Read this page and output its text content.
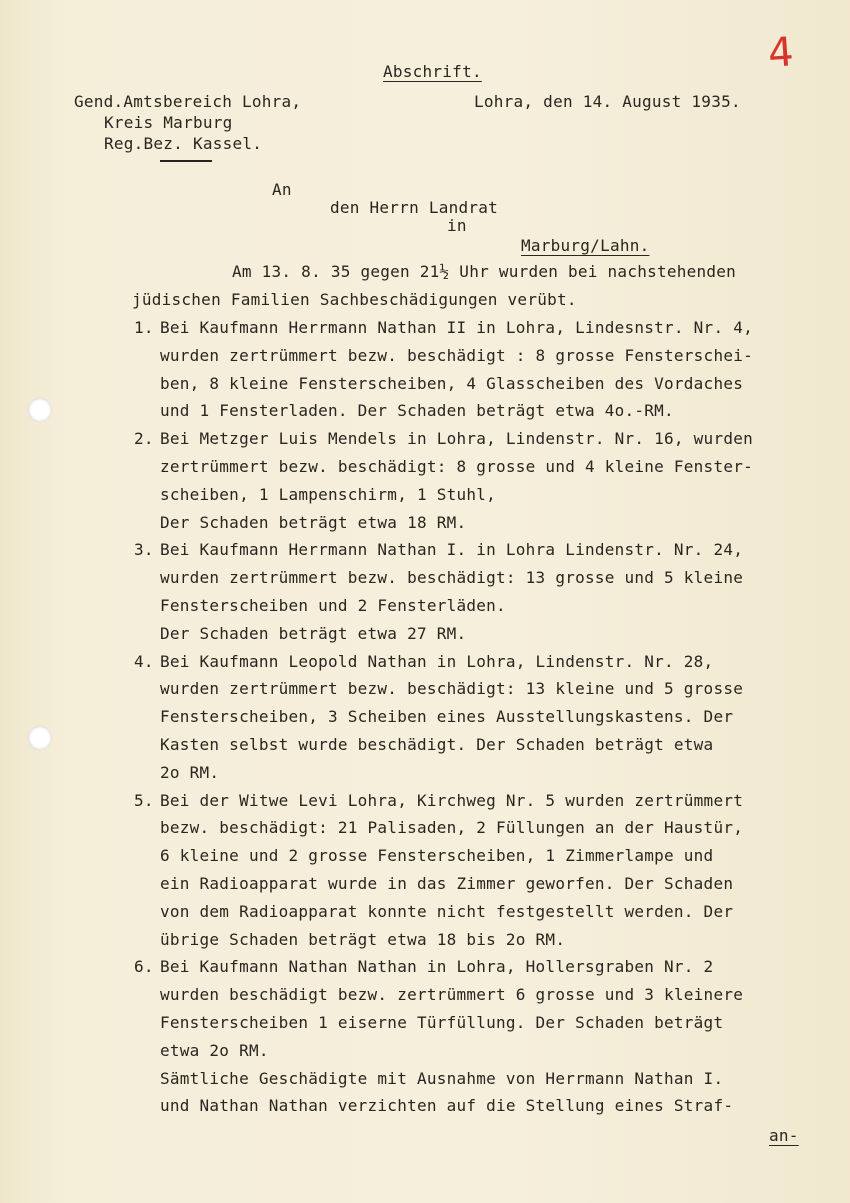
4
Abschrift.
Gend.Amtsbereich Lohra,
Kreis Marburg
Reg.Bez. Kassel.
Lohra, den 14. August 1935.
An
den Herrn Landrat
in
Marburg/Lahn.
Am 13. 8. 35 gegen 21½ Uhr wurden bei nachstehenden
jüdischen Familien Sachbeschädigungen verübt.
1. Bei Kaufmann Herrmann Nathan II in Lohra, Lindesnstr. Nr. 4,
wurden zertrümmert bezw. beschädigt : 8 grosse Fensterschei-
ben, 8 kleine Fensterscheiben, 4 Glasscheiben des Vordaches
und 1 Fensterladen. Der Schaden beträgt etwa 4o.-RM.
2. Bei Metzger Luis Mendels in Lohra, Lindenstr. Nr. 16, wurden
zertrümmert bezw. beschädigt: 8 grosse und 4 kleine Fenster-
scheiben, 1 Lampenschirm, 1 Stuhl,
Der Schaden beträgt etwa 18 RM.
3. Bei Kaufmann Herrmann Nathan I. in Lohra Lindenstr. Nr. 24,
wurden zertrümmert bezw. beschädigt: 13 grosse und 5 kleine
Fensterscheiben und 2 Fensterläden.
Der Schaden beträgt etwa 27 RM.
4. Bei Kaufmann Leopold Nathan in Lohra, Lindenstr. Nr. 28,
wurden zertrümmert bezw. beschädigt: 13 kleine und 5 grosse
Fensterscheiben, 3 Scheiben eines Ausstellungskastens. Der
Kasten selbst wurde beschädigt. Der Schaden beträgt etwa
2o RM.
5. Bei der Witwe Levi Lohra, Kirchweg Nr. 5 wurden zertrümmert
bezw. beschädigt: 21 Palisaden, 2 Füllungen an der Haustür,
6 kleine und 2 grosse Fensterscheiben, 1 Zimmerlampe und
ein Radioapparat wurde in das Zimmer geworfen. Der Schaden
von dem Radioapparat konnte nicht festgestellt werden. Der
übrige Schaden beträgt etwa 18 bis 2o RM.
6. Bei Kaufmann Nathan Nathan in Lohra, Hollersgraben Nr. 2
wurden beschädigt bezw. zertrümmert 6 grosse und 3 kleinere
Fensterscheiben 1 eiserne Türfüllung. Der Schaden beträgt
etwa 2o RM.
Sämtliche Geschädigte mit Ausnahme von Herrmann Nathan I.
und Nathan Nathan verzichten auf die Stellung eines Straf-
an-
